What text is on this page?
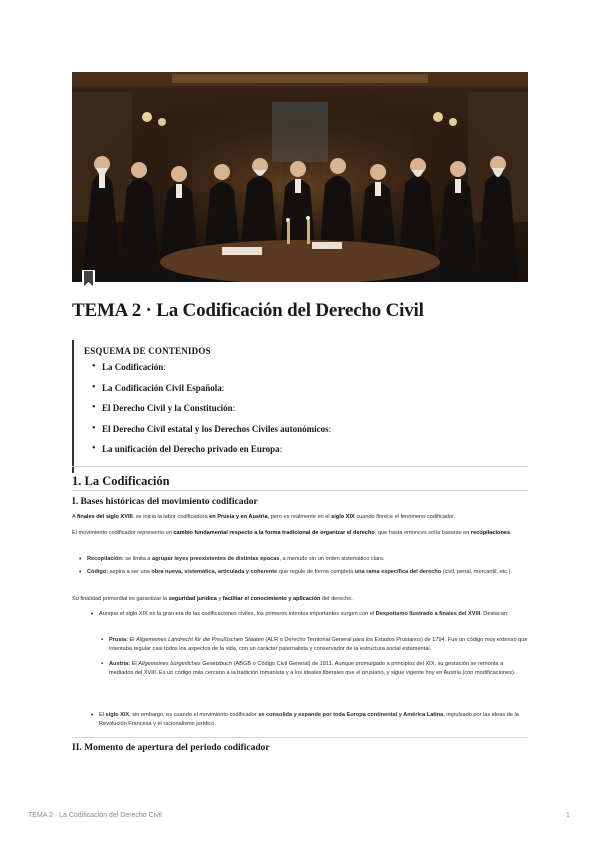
TEMA 2 · La Codificación del Derecho Civil
ESQUEMA DE CONTENIDOS
• La Codificación:
• La Codificación Civil Española:
• El Derecho Civil y la Constitución:
• El Derecho Civil estatal y los Derechos Civiles autonómicos:
• La unificación del Derecho privado en Europa:
1. La Codificación
I. Bases históricas del movimiento codificador
A finales del siglo XVIII, se inicia la labor codificadora en Prusia y en Austria, pero es realmente en el siglo XIX cuando florece el fenómeno codificador.
El movimiento codificador representa un cambio fundamental respecto a la forma tradicional de organizar el derecho, que hasta entonces solía basarse en recopilaciones.
• Recopilación: se limita a agrupar leyes preexistentes de distintas épocas, a menudo sin un orden sistemático claro.
• Código: aspira a ser una obra nueva, sistemática, articulada y coherente que regule de forma completa una rama específica del derecho (civil, penal, mercantil, etc.).
Su finalidad primordial es garantizar la seguridad jurídica y facilitar el conocimiento y aplicación del derecho.
• Aunque el siglo XIX es la gran era de las codificaciones civiles, los primeros intentos importantes surgen con el Despotismo Ilustrado a finales del XVIII. Destacan:
▪ Prusia: El Allgemeines Landrecht für die Preußischen Staaten (ALR o Derecho Territorial General para los Estados Prusianos) de 1794. Fue un código muy extenso que intentaba regular casi todos los aspectos de la vida, con un carácter paternalista y conservador de la estructura social estamental.
▪ Austria: El Allgemeines bürgerliches Gesetzbuch (ABGB o Código Civil General) de 1811. Aunque promulgado a principios del XIX, su gestación se remonta a mediados del XVIII. Es un código más cercano a la tradición romanista y a los ideales liberales que el prusiano, y sigue vigente hoy en Austria (con modificaciones).
• El siglo XIX, sin embargo, es cuando el movimiento codificador se consolida y expande por toda Europa continental y América Latina, impulsado por las ideas de la Revolución Francesa y el racionalismo jurídico.
II. Momento de apertura del periodo codificador
TEMA 2 · La Codificación del Derecho Civil	1
